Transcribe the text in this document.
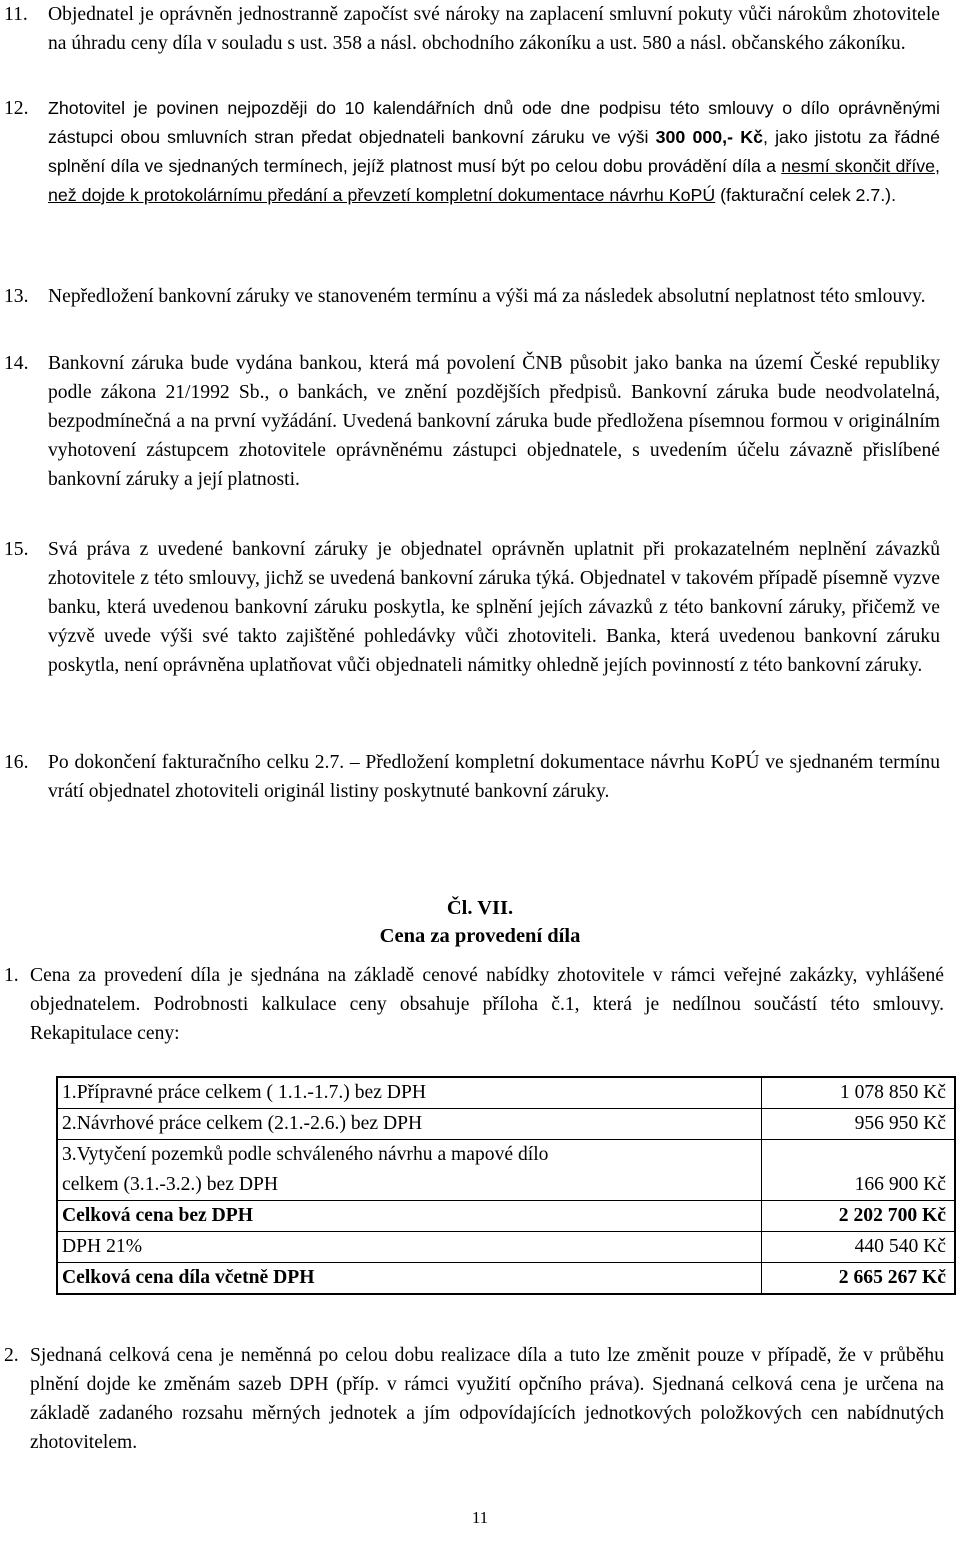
11. Objednatel je oprávněn jednostranně započíst své nároky na zaplacení smluvní pokuty vůči nárokům zhotovitele na úhradu ceny díla v souladu s ust. 358 a násl. obchodního zákoníku a ust. 580 a násl. občanského zákoníku.
12. Zhotovitel je povinen nejpozději do 10 kalendářních dnů ode dne podpisu této smlouvy o dílo oprávněnými zástupci obou smluvních stran předat objednateli bankovní záruku ve výši 300 000,- Kč, jako jistotu za řádné splnění díla ve sjednaných termínech, jejíž platnost musí být po celou dobu provádění díla a nesmí skončit dříve, než dojde k protokolárnímu předání a převzetí kompletní dokumentace návrhu KoPÚ (fakturační celek 2.7.).
13. Nepředložení bankovní záruky ve stanoveném termínu a výši má za následek absolutní neplatnost této smlouvy.
14. Bankovní záruka bude vydána bankou, která má povolení ČNB působit jako banka na území České republiky podle zákona 21/1992 Sb., o bankách, ve znění pozdějších předpisů. Bankovní záruka bude neodvolatelná, bezpodmínečná a na první vyžádání. Uvedená bankovní záruka bude předložena písemnou formou v originálním vyhotovení zástupcem zhotovitele oprávněnému zástupci objednatele, s uvedením účelu závazně přislíbené bankovní záruky a její platnosti.
15. Svá práva z uvedené bankovní záruky je objednatel oprávněn uplatnit při prokazatelném neplnění závazků zhotovitele z této smlouvy, jichž se uvedená bankovní záruka týká. Objednatel v takovém případě písemně vyzve banku, která uvedenou bankovní záruku poskytla, ke splnění jejích závazků z této bankovní záruky, přičemž ve výzvě uvede výši své takto zajištěné pohledávky vůči zhotoviteli. Banka, která uvedenou bankovní záruku poskytla, není oprávněna uplatňovat vůči objednateli námitky ohledně jejích povinností z této bankovní záruky.
16. Po dokončení fakturačního celku 2.7. – Předložení kompletní dokumentace návrhu KoPÚ ve sjednaném termínu vrátí objednatel zhotoviteli originál listiny poskytnuté bankovní záruky.
Čl. VII.
Cena za provedení díla
1. Cena za provedení díla je sjednána na základě cenové nabídky zhotovitele v rámci veřejné zakázky, vyhlášené objednatelem. Podrobnosti kalkulace ceny obsahuje příloha č.1, která je nedílnou součástí této smlouvy. Rekapitulace ceny:
1.Přípravné práce celkem ( 1.1.-1.7.) bez DPH	1 078 850 Kč
2.Návrhové práce celkem (2.1.-2.6.) bez DPH	956 950 Kč
3.Vytyčení pozemků podle schváleného návrhu a mapové dílo celkem (3.1.-3.2.) bez DPH	166 900 Kč
Celková cena bez DPH	2 202 700 Kč
DPH 21%	440 540 Kč
Celková cena díla včetně DPH	2 665 267 Kč
2. Sjednaná celková cena je neměnná po celou dobu realizace díla a tuto lze změnit pouze v případě, že v průběhu plnění dojde ke změnám sazeb DPH (příp. v rámci využití opčního práva). Sjednaná celková cena je určena na základě zadaného rozsahu měrných jednotek a jím odpovídajících jednotkových položkových cen nabídnutých zhotovitelem.
11
